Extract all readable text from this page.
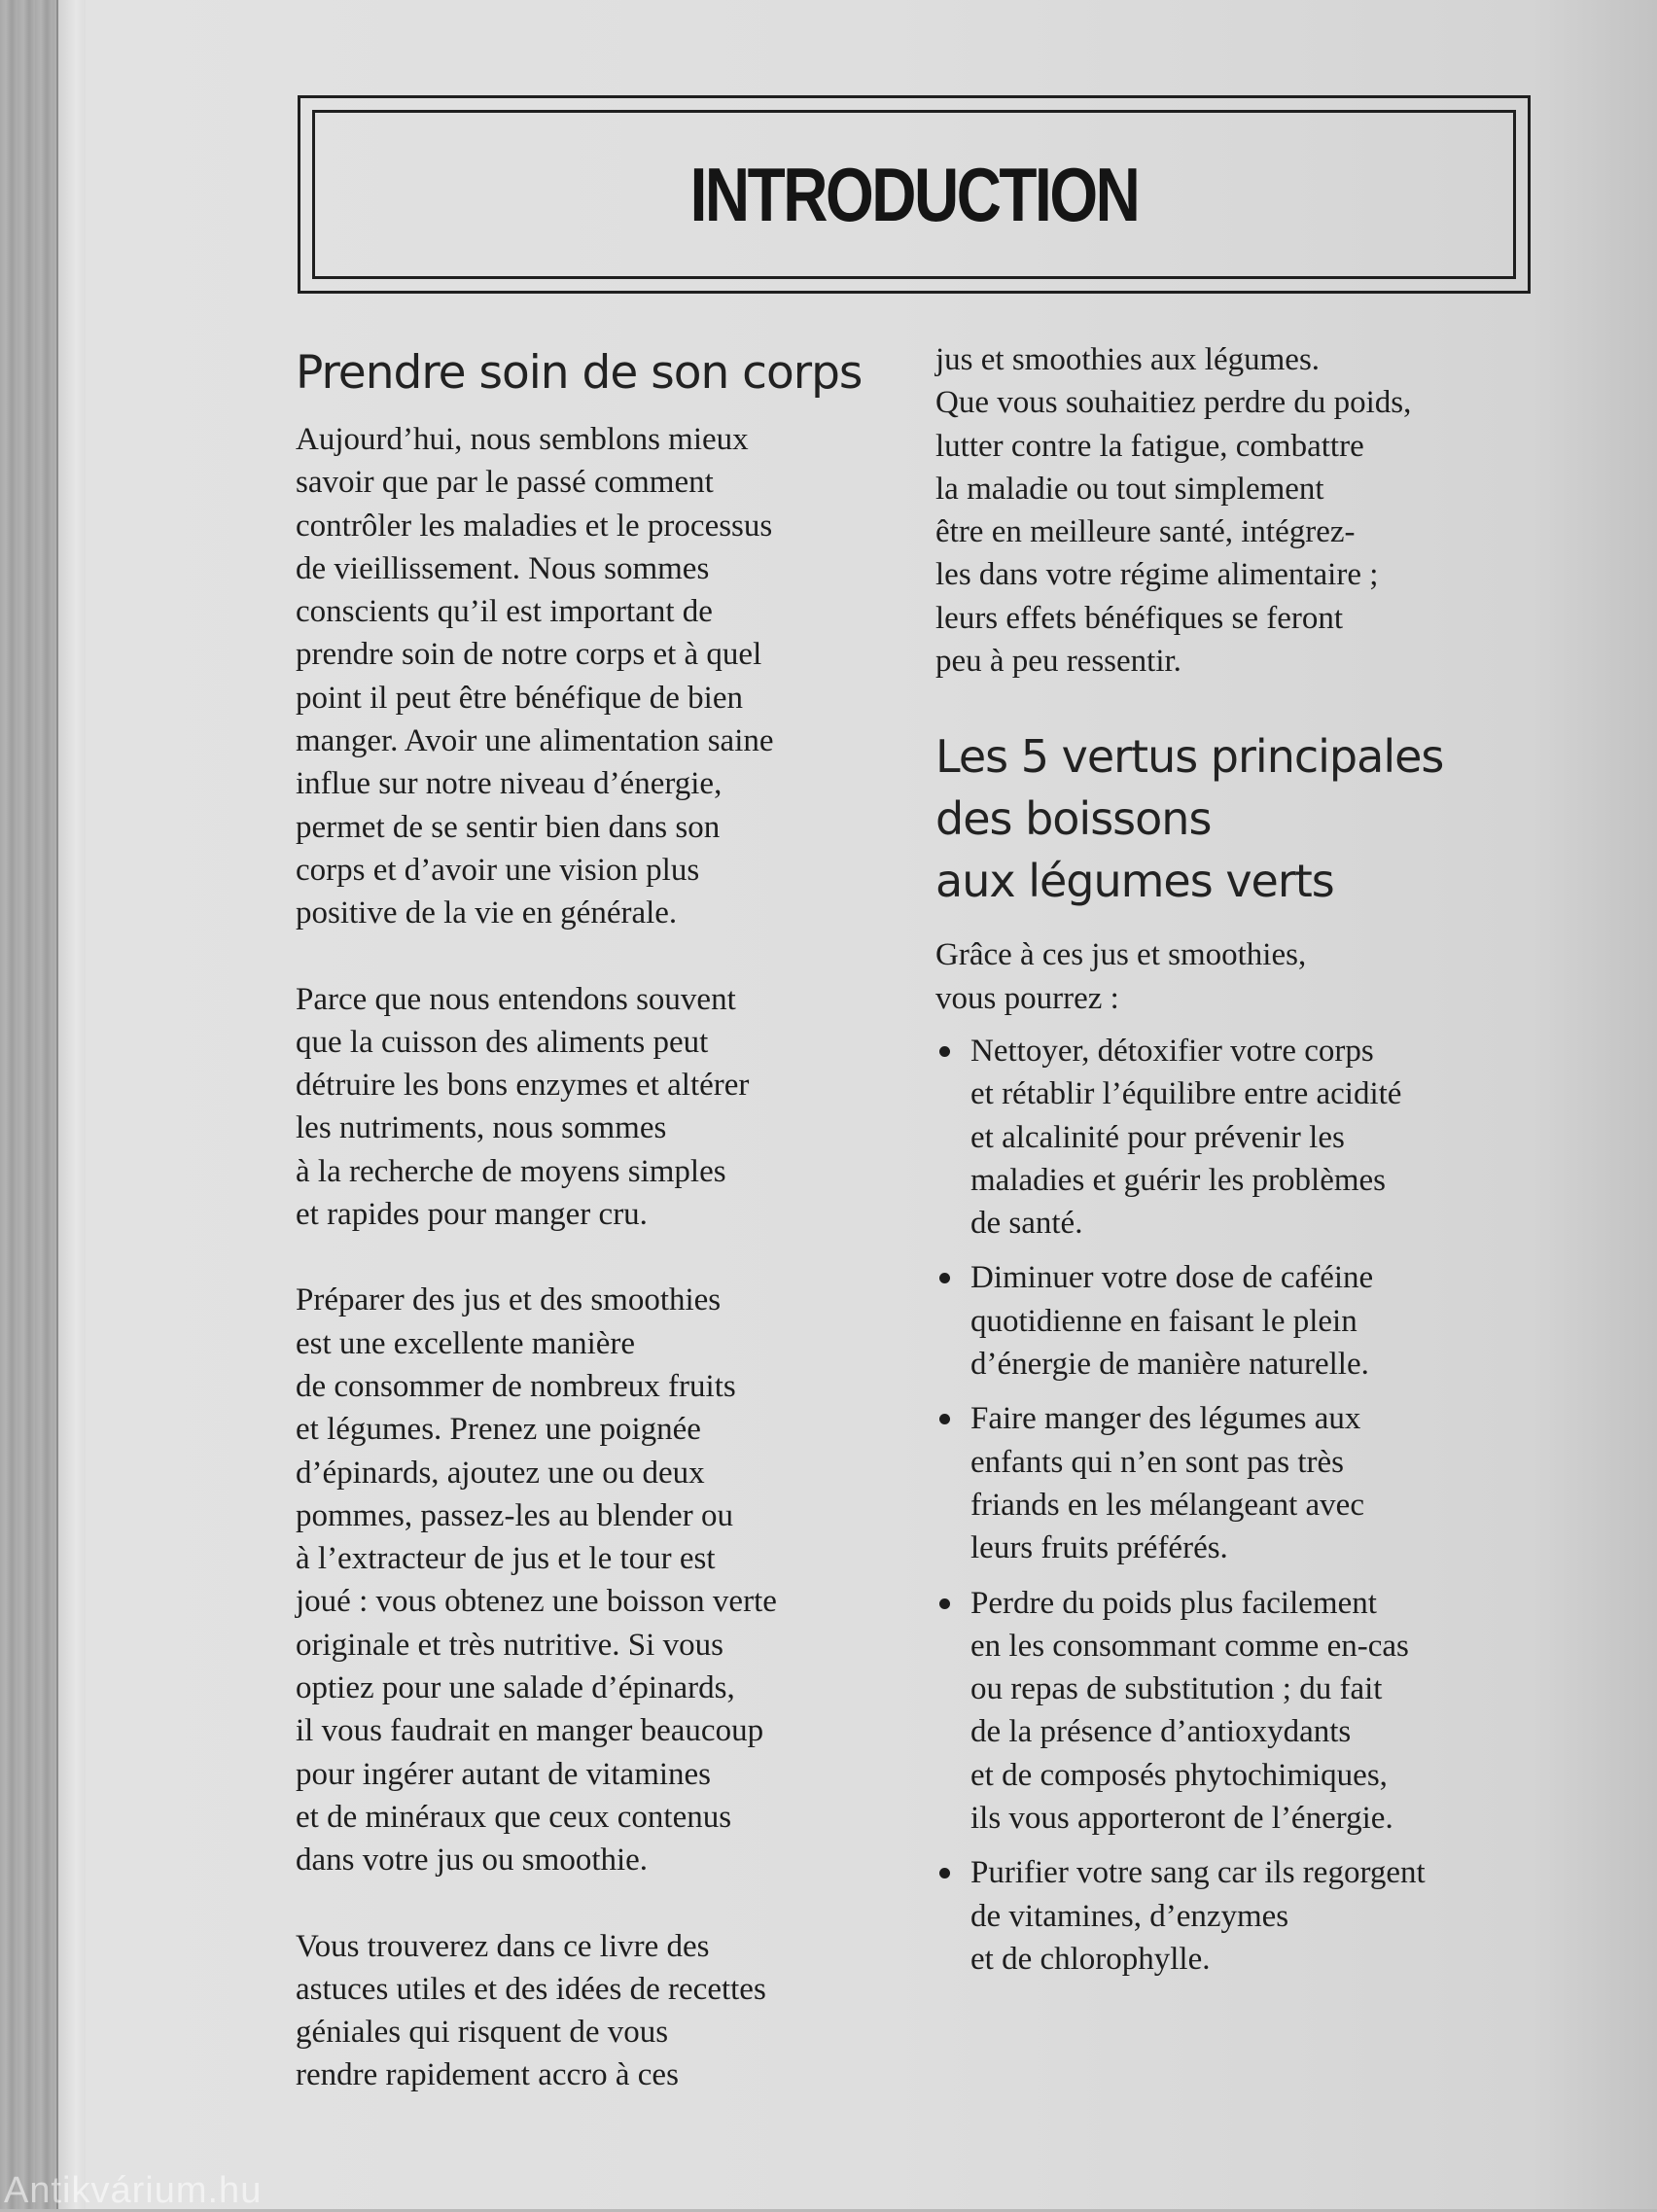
INTRODUCTION
Prendre soin de son corps

Aujourd’hui, nous semblons mieux
savoir que par le passé comment
contrôler les maladies et le processus
de vieillissement. Nous sommes
conscients qu’il est important de
prendre soin de notre corps et à quel
point il peut être bénéfique de bien
manger. Avoir une alimentation saine
influe sur notre niveau d’énergie,
permet de se sentir bien dans son
corps et d’avoir une vision plus
positive de la vie en générale.

Parce que nous entendons souvent
que la cuisson des aliments peut
détruire les bons enzymes et altérer
les nutriments, nous sommes
à la recherche de moyens simples
et rapides pour manger cru.

Préparer des jus et des smoothies
est une excellente manière
de consommer de nombreux fruits
et légumes. Prenez une poignée
d’épinards, ajoutez une ou deux
pommes, passez-les au blender ou
à l’extracteur de jus et le tour est
joué : vous obtenez une boisson verte
originale et très nutritive. Si vous
optiez pour une salade d’épinards,
il vous faudrait en manger beaucoup
pour ingérer autant de vitamines
et de minéraux que ceux contenus
dans votre jus ou smoothie.

Vous trouverez dans ce livre des
astuces utiles et des idées de recettes
géniales qui risquent de vous
rendre rapidement accro à ces

jus et smoothies aux légumes.
Que vous souhaitiez perdre du poids,
lutter contre la fatigue, combattre
la maladie ou tout simplement
être en meilleure santé, intégrez-
les dans votre régime alimentaire ;
leurs effets bénéfiques se feront
peu à peu ressentir.

Les 5 vertus principales
des boissons
aux légumes verts

Grâce à ces jus et smoothies,
vous pourrez :

Nettoyer, détoxifier votre corps
et rétablir l’équilibre entre acidité
et alcalinité pour prévenir les
maladies et guérir les problèmes
de santé.
Diminuer votre dose de caféine
quotidienne en faisant le plein
d’énergie de manière naturelle.
Faire manger des légumes aux
enfants qui n’en sont pas très
friands en les mélangeant avec
leurs fruits préférés.
Perdre du poids plus facilement
en les consommant comme en-cas
ou repas de substitution ; du fait
de la présence d’antioxydants
et de composés phytochimiques,
ils vous apporteront de l’énergie.
Purifier votre sang car ils regorgent
de vitamines, d’enzymes
et de chlorophylle.
Antikvárium.hu
